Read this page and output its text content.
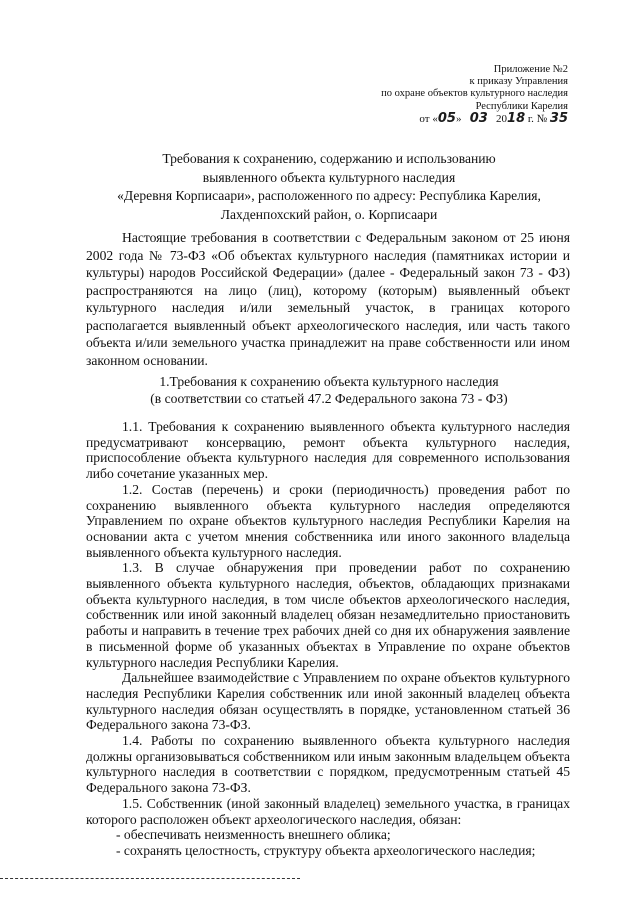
Приложение №2
к приказу Управления
по охране объектов культурного наследия
Республики Карелия
от «05» 03 2018 г. № 35
Требования к сохранению, содержанию и использованию
выявленного объекта культурного наследия
«Деревня Корписаари», расположенного по адресу: Республика Карелия,
Лахденпохский район, о. Корписаари

Настоящие требования в соответствии с Федеральным законом от 25 июня 2002 года № 73-ФЗ «Об объектах культурного наследия (памятниках истории и культуры) народов Российской Федерации» (далее - Федеральный закон 73 - ФЗ) распространяются на лицо (лиц), которому (которым) выявленный объект культурного наследия и/или земельный участок, в границах которого располагается выявленный объект археологического наследия, или часть такого объекта и/или земельного участка принадлежит на праве собственности или ином законном основании.

1.Требования к сохранению объекта культурного наследия
(в соответствии со статьей 47.2 Федерального закона 73 - ФЗ)

1.1. Требования к сохранению выявленного объекта культурного наследия предусматривают консервацию, ремонт объекта культурного наследия, приспособление объекта культурного наследия для современного использования либо сочетание указанных мер.

1.2. Состав (перечень) и сроки (периодичность) проведения работ по сохранению выявленного объекта культурного наследия определяются Управлением по охране объектов культурного наследия Республики Карелия на основании акта с учетом мнения собственника или иного законного владельца выявленного объекта культурного наследия.

1.3. В случае обнаружения при проведении работ по сохранению выявленного объекта культурного наследия, объектов, обладающих признаками объекта культурного наследия, в том числе объектов археологического наследия, собственник или иной законный владелец обязан незамедлительно приостановить работы и направить в течение трех рабочих дней со дня их обнаружения заявление в письменной форме об указанных объектах в Управление по охране объектов культурного наследия Республики Карелия.

Дальнейшее взаимодействие с Управлением по охране объектов культурного наследия Республики Карелия собственник или иной законный владелец объекта культурного наследия обязан осуществлять в порядке, установленном статьей 36 Федерального закона 73-ФЗ.

1.4. Работы по сохранению выявленного объекта культурного наследия должны организовываться собственником или иным законным владельцем объекта культурного наследия в соответствии с порядком, предусмотренным статьей 45 Федерального закона 73-ФЗ.

1.5. Собственник (иной законный владелец) земельного участка, в границах которого расположен объект археологического наследия, обязан:

- обеспечивать неизменность внешнего облика;

- сохранять целостность, структуру объекта археологического наследия;
